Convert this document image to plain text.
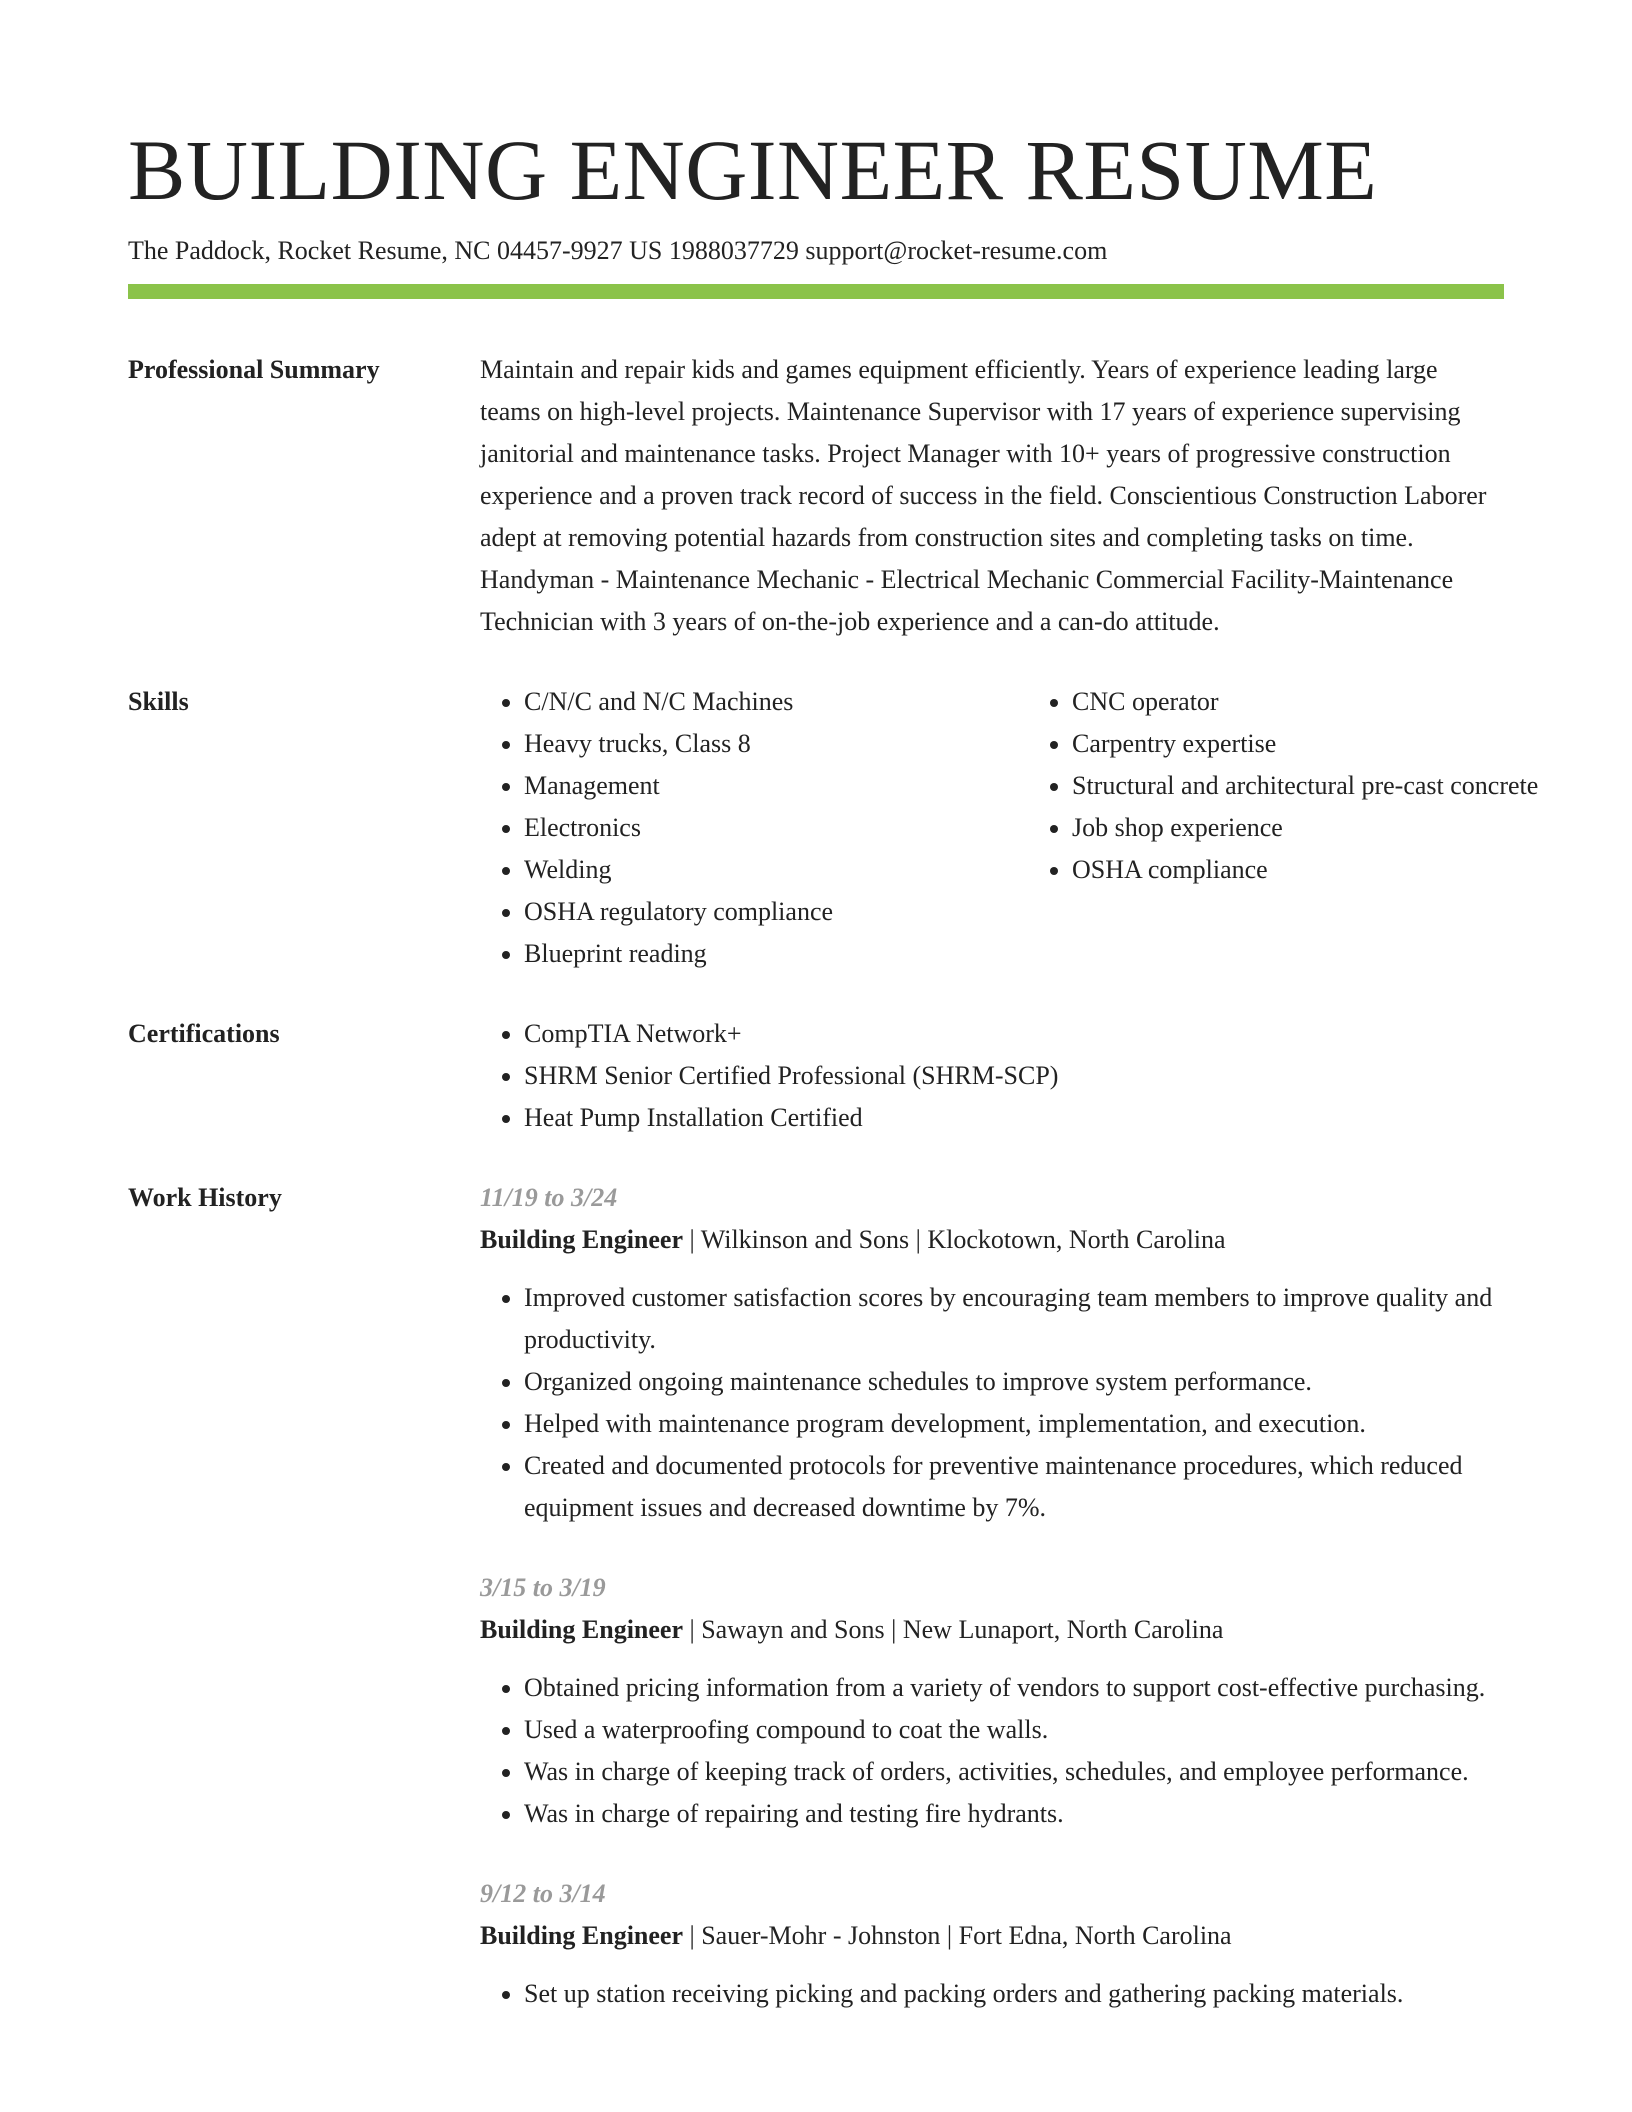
BUILDING ENGINEER RESUME
The Paddock, Rocket Resume, NC 04457-9927 US 1988037729 support@rocket-resume.com
Professional Summary	Maintain and repair kids and games equipment efficiently. Years of experience leading large teams on high-level projects. Maintenance Supervisor with 17 years of experience supervising janitorial and maintenance tasks. Project Manager with 10+ years of progressive construction experience and a proven track record of success in the field. Conscientious Construction Laborer adept at removing potential hazards from construction sites and completing tasks on time. Handyman - Maintenance Mechanic - Electrical Mechanic Commercial Facility-Maintenance Technician with 3 years of on-the-job experience and a can-do attitude.

Skills	• C/N/C and N/C Machines
• Heavy trucks, Class 8
• Management
• Electronics
• Welding
• OSHA regulatory compliance
• Blueprint reading
• CNC operator
• Carpentry expertise
• Structural and architectural pre-cast concrete
• Job shop experience
• OSHA compliance
Certifications	• CompTIA Network+
• SHRM Senior Certified Professional (SHRM-SCP)
• Heat Pump Installation Certified
Work History	11/19 to 3/24
Building Engineer | Wilkinson and Sons | Klockotown, North Carolina
• Improved customer satisfaction scores by encouraging team members to improve quality and productivity.
• Organized ongoing maintenance schedules to improve system performance.
• Helped with maintenance program development, implementation, and execution.
• Created and documented protocols for preventive maintenance procedures, which reduced equipment issues and decreased downtime by 7%.
3/15 to 3/19
Building Engineer | Sawayn and Sons | New Lunaport, North Carolina
• Obtained pricing information from a variety of vendors to support cost-effective purchasing.
• Used a waterproofing compound to coat the walls.
• Was in charge of keeping track of orders, activities, schedules, and employee performance.
• Was in charge of repairing and testing fire hydrants.
9/12 to 3/14
Building Engineer | Sauer-Mohr - Johnston | Fort Edna, North Carolina
• Set up station receiving picking and packing orders and gathering packing materials.
